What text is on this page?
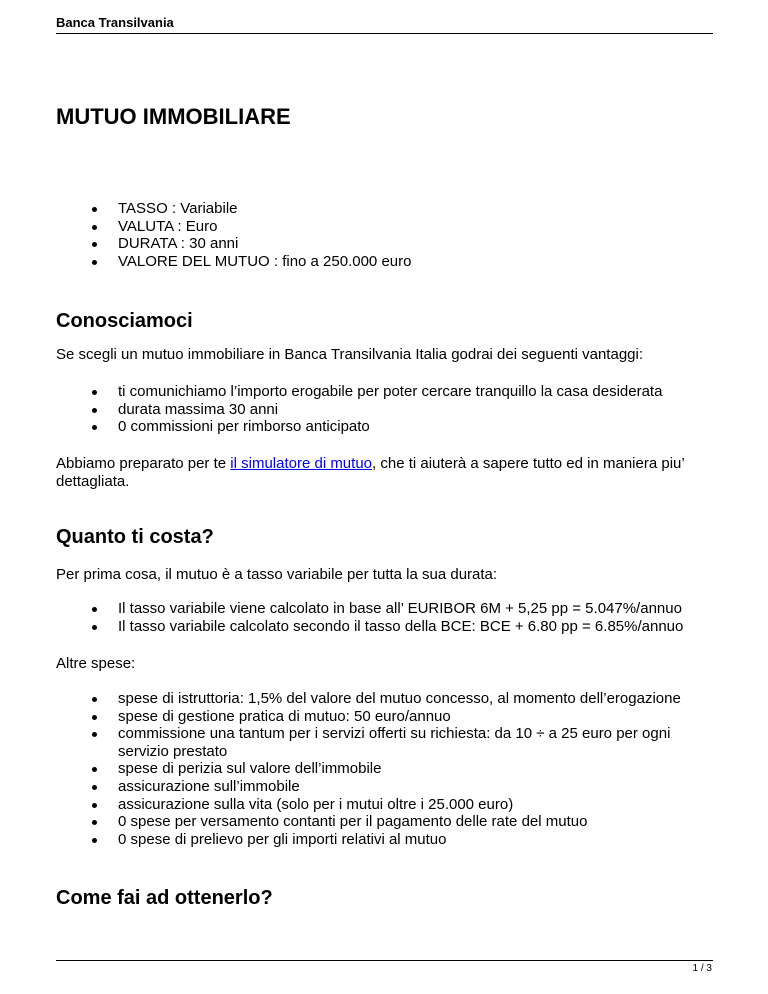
Banca Transilvania
MUTUO IMMOBILIARE
TASSO : Variabile
VALUTA : Euro
DURATA : 30 anni
VALORE DEL MUTUO : fino a 250.000 euro
Conosciamoci

Se scegli un mutuo immobiliare in Banca Transilvania Italia godrai dei seguenti vantaggi:

ti comunichiamo l’importo erogabile per poter cercare tranquillo la casa desiderata
durata massima 30 anni
0 commissioni per rimborso anticipato

Abbiamo preparato per te il simulatore di mutuo, che ti aiuterà a sapere tutto ed in maniera piu’ dettagliata.

Quanto ti costa?

Per prima cosa, il mutuo è a tasso variabile per tutta la sua durata:

Il tasso variabile viene calcolato in base all’ EURIBOR 6M + 5,25 pp = 5.047%/annuo
Il tasso variabile calcolato secondo il tasso della BCE: BCE + 6.80 pp = 6.85%/annuo

Altre spese:

spese di istruttoria: 1,5% del valore del mutuo concesso, al momento dell’erogazione
spese di gestione pratica di mutuo: 50 euro/annuo
commissione una tantum per i servizi offerti su richiesta: da 10 ÷ a 25 euro per ogni servizio prestato
spese di perizia sul valore dell’immobile
assicurazione sull’immobile
assicurazione sulla vita (solo per i mutui oltre i 25.000 euro)
0 spese per versamento contanti per il pagamento delle rate del mutuo
0 spese di prelievo per gli importi relativi al mutuo
Come fai ad ottenerlo?
1 / 3
